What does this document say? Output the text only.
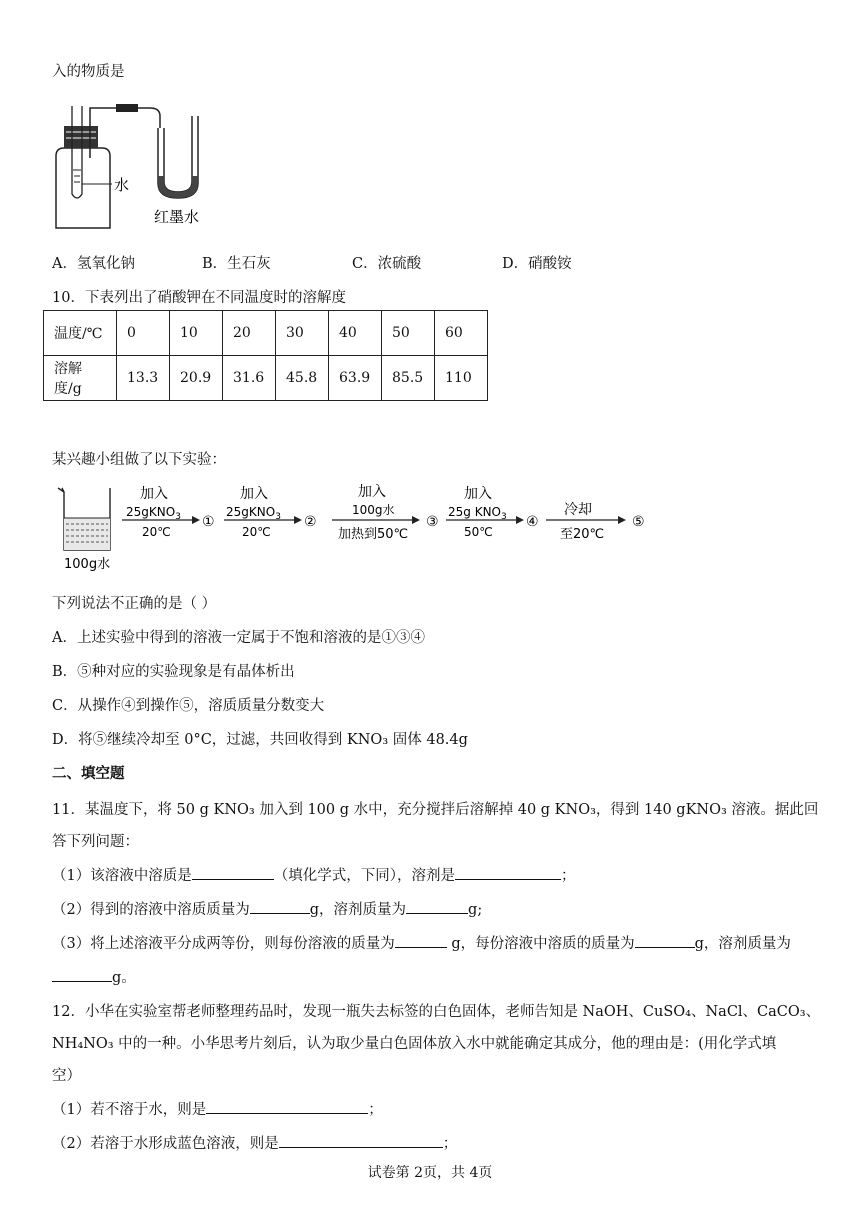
入的物质是
水
红墨水
A．氢氧化钠	B．生石灰	C．浓硫酸	D．硝酸铵
10．下表列出了硝酸钾在不同温度时的溶解度
温度/℃	0	10	20	30	40	50	60
溶解度/g	13.3	20.9	31.6	45.8	63.9	85.5	110
某兴趣小组做了以下实验：
100g水
加入
25gKNO$_3$
20℃
①
加入
25gKNO$_3$
20℃
②
加入
100g水
加热到50℃
③
加入
25g $KNO_3$
50℃
④
冷却
至20℃
⑤
下列说法不正确的是（ ）
A．上述实验中得到的溶液一定属于不饱和溶液的是①③④
B．⑤种对应的实验现象是有晶体析出
C．从操作④到操作⑤，溶质质量分数变大
D．将⑤继续冷却至 0°C，过滤，共回收得到 KNO₃ 固体 48.4g
二、填空题
11．某温度下，将 50 g KNO₃ 加入到 100 g 水中，充分搅拌后溶解掉 40 g KNO₃，得到 140 gKNO₃ 溶液。据此回
答下列问题：
（1）该溶液中溶质是	（填化学式，下同），溶剂是	；
（2）得到的溶液中溶质质量为	g，溶剂质量为	g;
（3）将上述溶液平分成两等份，则每份溶液的质量为	g，每份溶液中溶质的质量为	g，溶剂质量为
g。
12．小华在实验室帮老师整理药品时，发现一瓶失去标签的白色固体，老师告知是 NaOH、CuSO₄、NaCl、CaCO₃、
NH₄NO₃ 中的一种。小华思考片刻后，认为取少量白色固体放入水中就能确定其成分，他的理由是：(用化学式填
空）
（1）若不溶于水，则是	；
（2）若溶于水形成蓝色溶液，则是	；
试卷第 2页，共 4页
